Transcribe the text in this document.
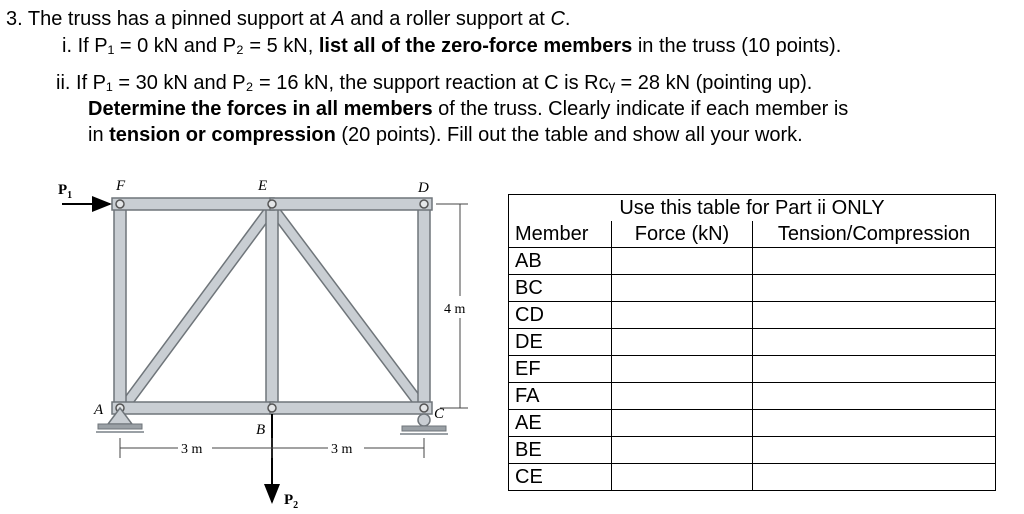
3. The truss has a pinned support at A and a roller support at C.
i. If P₁ = 0 kN and P₂ = 5 kN, list all of the zero-force members in the truss (10 points).
ii. If P₁ = 30 kN and P₂ = 16 kN, the support reaction at C is Rᴄᵧ = 28 kN (pointing up).
Determine the forces in all members of the truss. Clearly indicate if each member is
in tension or compression (20 points). Fill out the table and show all your work.
$P_1$
$P_2$
F	E	D
A
B
C
3 m	3 m
4 m
Use this table for Part ii ONLY		
Member	Force (kN)	Tension/Compression
AB		
BC		
CD		
DE		
EF		
FA		
AE		
BE		
CE		
